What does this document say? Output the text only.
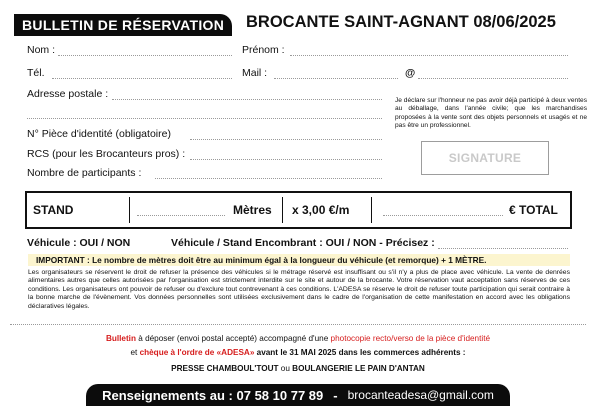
BULLETIN DE RÉSERVATION BROCANTE SAINT-AGNANT 08/06/2025
Nom :	Prénom :
Tél.	Mail :	@
Adresse postale :
N° Pièce d'identité (obligatoire)
RCS (pour les Brocanteurs pros) :
Nombre de participants :
Je déclare sur l'honneur ne pas avoir déjà participé à deux ventes au déballage, dans l'année civile; que les marchandises proposées à la vente sont des objets personnels et usagés et ne pas être un professionnel.
SIGNATURE
STAND	Mètres x 3,00 €/m	€ TOTAL
Véhicule : OUI / NON	Véhicule / Stand Encombrant : OUI / NON - Précisez :
IMPORTANT : Le nombre de mètres doit être au minimum égal à la longueur du véhicule (et remorque) + 1 MÈTRE.
Les organisateurs se réservent le droit de refuser la présence des véhicules si le métrage réservé est insuffisant ou s'il n'y a plus de place avec véhicule. La vente de denrées alimentaires autres que celles autorisées par l'organisation est strictement interdite sur le site et autour de la brocante. Votre réservation vaut acceptation sans réserves de ces conditions. Les organisateurs ont pouvoir de refuser ou d'exclure tout contrevenant à ces conditions. L'ADESA se réserve le droit de refuser toute participation qui serait contraire à la bonne marche de l'évènement. Vos données personnelles sont utilisées exclusivement dans le cadre de l'organisation de cette manifestation en accord avec les obligations déclaratives légales.
Bulletin à déposer (envoi postal accepté) accompagné d'une photocopie recto/verso de la pièce d'identité
et chèque à l'ordre de «ADESA» avant le 31 MAI 2025 dans les commerces adhérents :
PRESSE CHAMBOUL'TOUT ou BOULANGERIE LE PAIN D'ANTAN
Renseignements au : 07 58 10 77 89 - brocanteadesa@gmail.com
